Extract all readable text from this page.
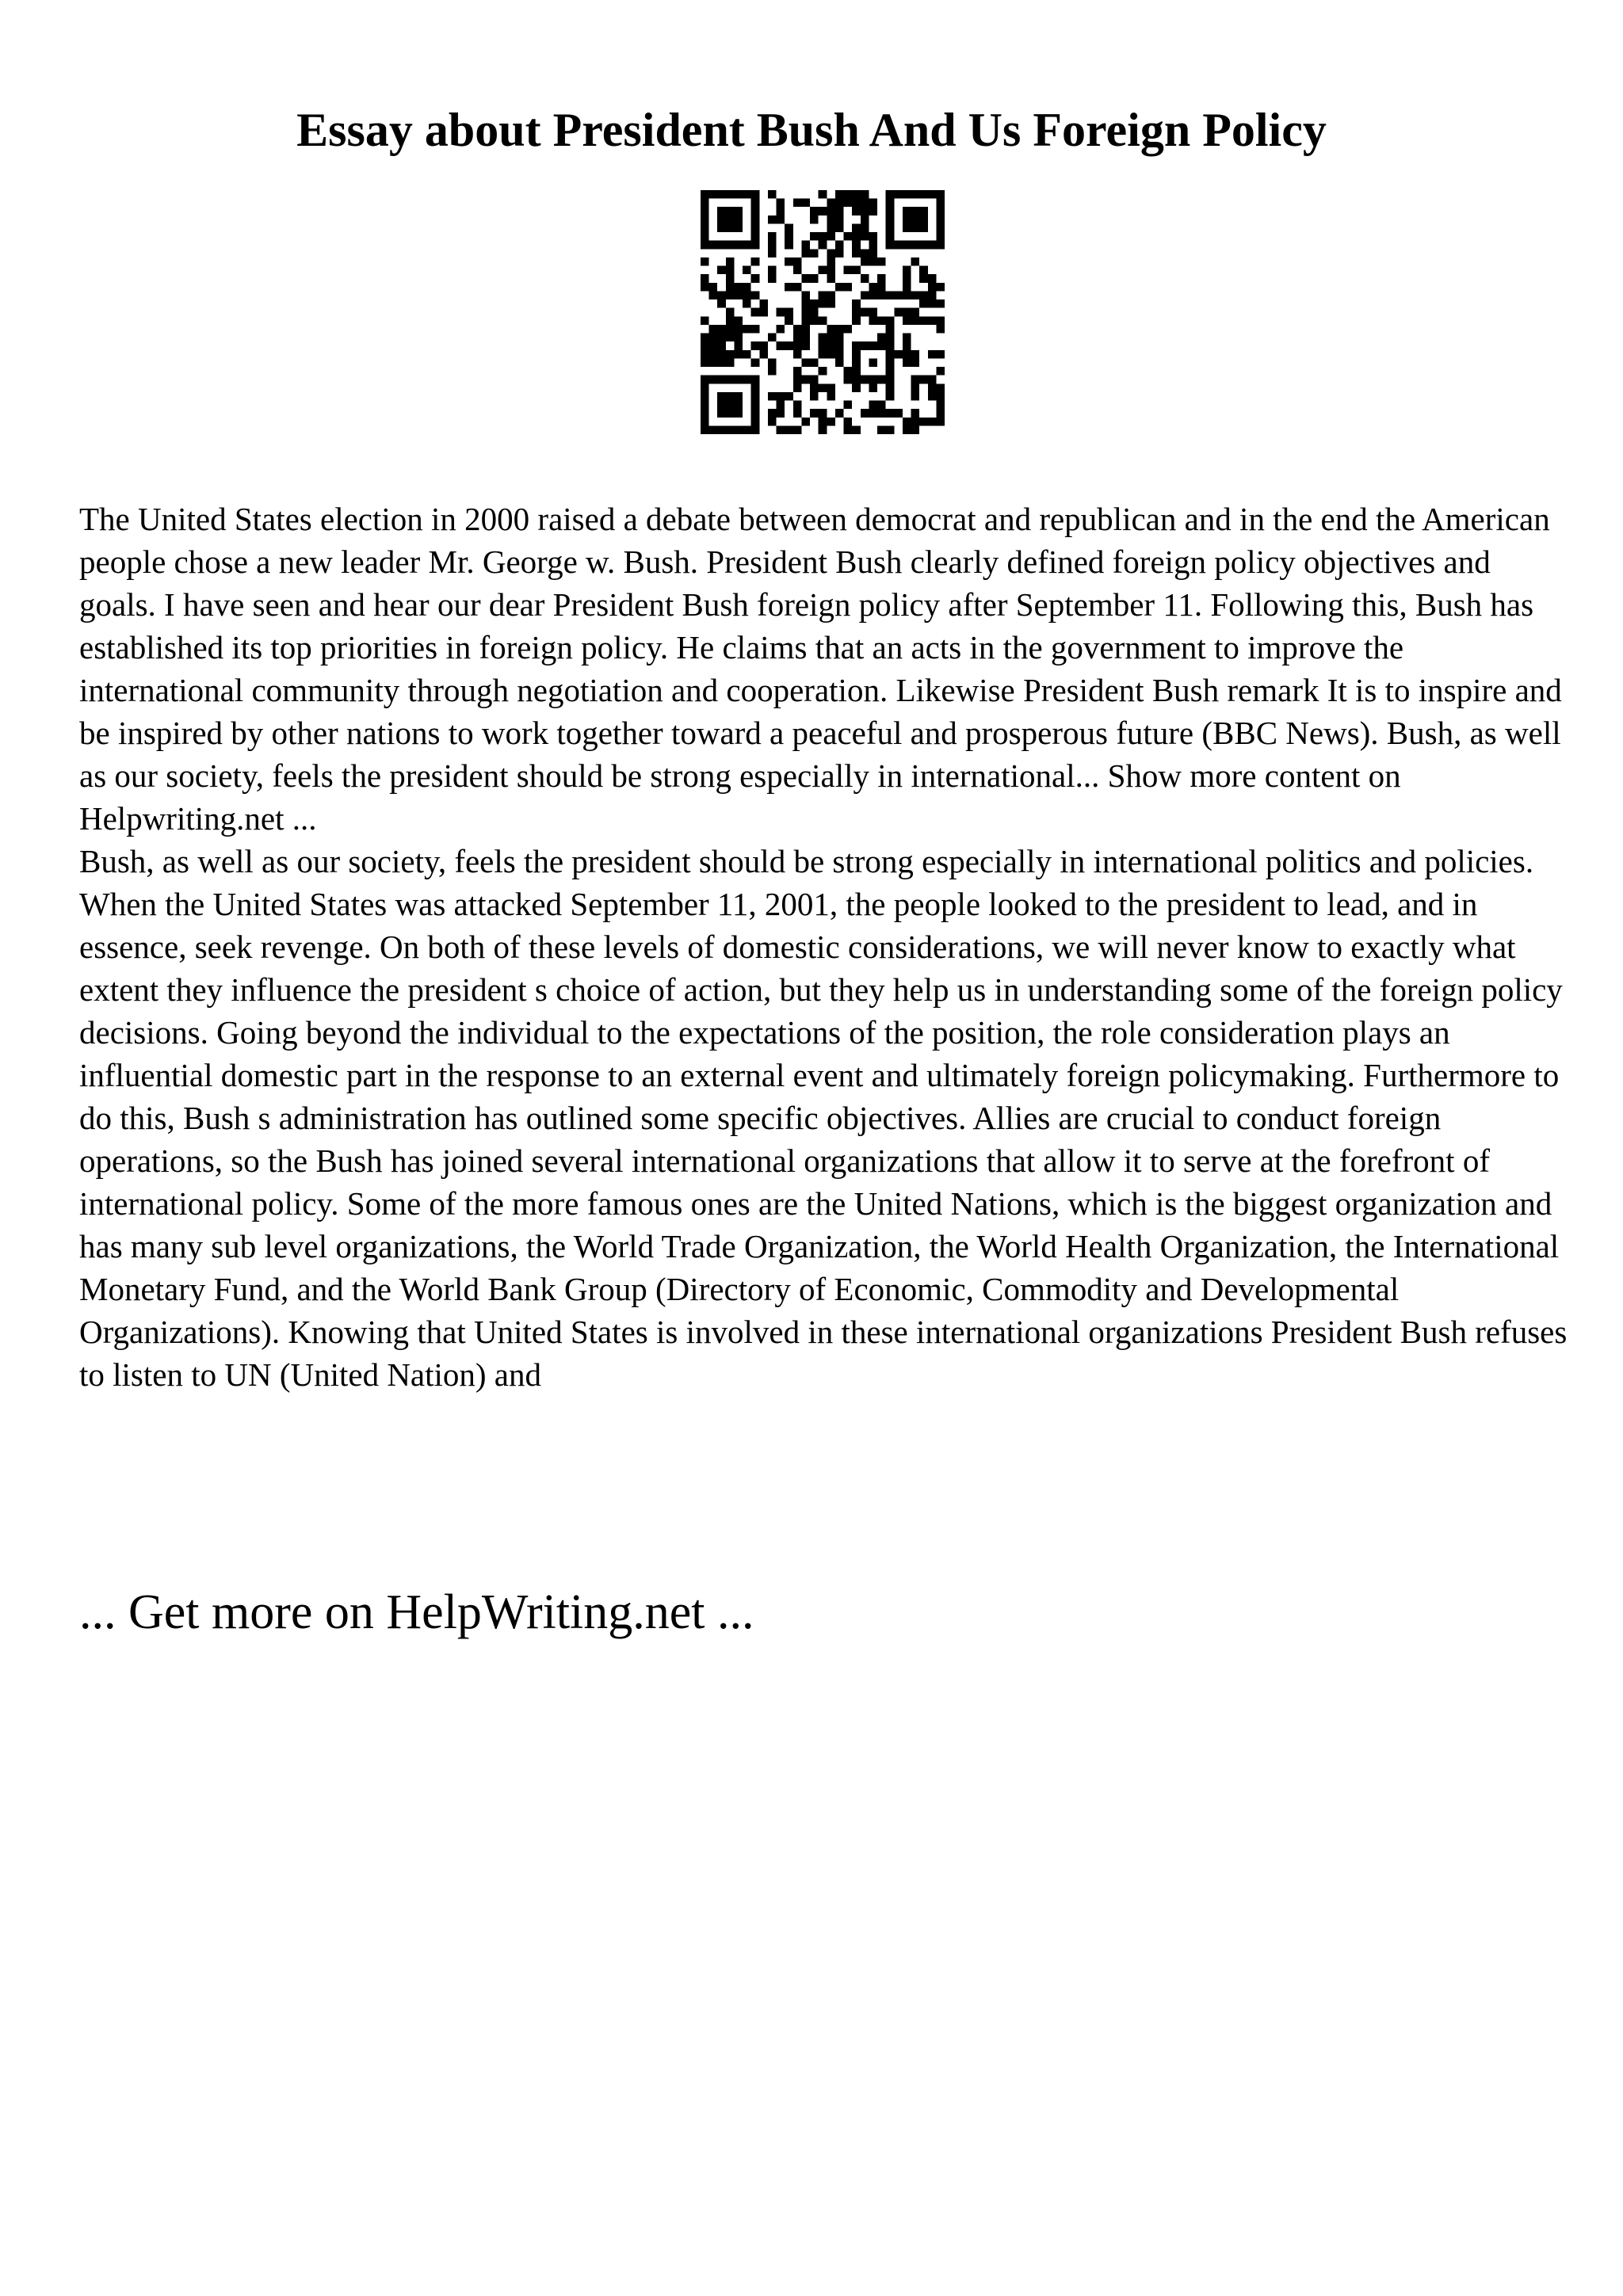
Essay about President Bush And Us Foreign Policy

The United States election in 2000 raised a debate between democrat and republican and in the end the American people chose a new leader Mr. George w. Bush. President Bush clearly defined foreign policy objectives and goals. I have seen and hear our dear President Bush foreign policy after September 11. Following this, Bush has established its top priorities in foreign policy. He claims that an acts in the government to improve the international community through negotiation and cooperation. Likewise President Bush remark It is to inspire and be inspired by other nations to work together toward a peaceful and prosperous future (BBC News). Bush, as well as our society, feels the president should be strong especially in international... Show more content on Helpwriting.net ...

Bush, as well as our society, feels the president should be strong especially in international politics and policies. When the United States was attacked September 11, 2001, the people looked to the president to lead, and in essence, seek revenge. On both of these levels of domestic considerations, we will never know to exactly what extent they influence the president s choice of action, but they help us in understanding some of the foreign policy decisions. Going beyond the individual to the expectations of the position, the role consideration plays an influential domestic part in the response to an external event and ultimately foreign policymaking. Furthermore to do this, Bush s administration has outlined some specific objectives. Allies are crucial to conduct foreign operations, so the Bush has joined several international organizations that allow it to serve at the forefront of international policy. Some of the more famous ones are the United Nations, which is the biggest organization and has many sub level organizations, the World Trade Organization, the World Health Organization, the International Monetary Fund, and the World Bank Group (Directory of Economic, Commodity and Developmental Organizations). Knowing that United States is involved in these international organizations President Bush refuses to listen to UN (United Nation) and

... Get more on HelpWriting.net ...
